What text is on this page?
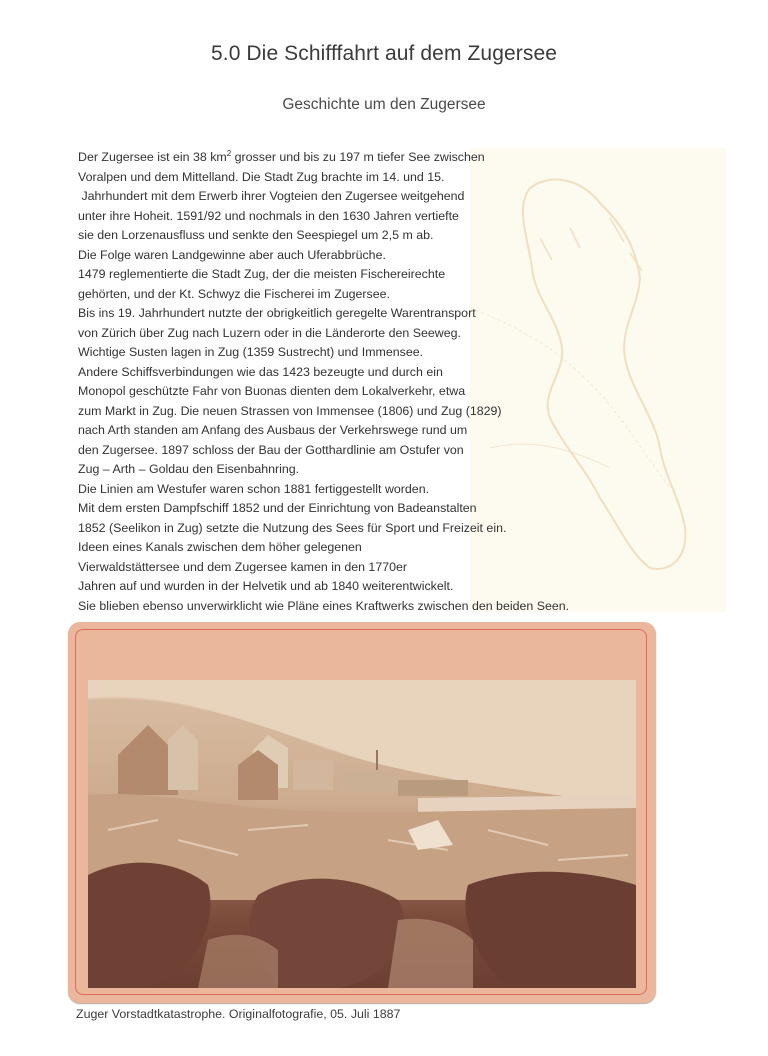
5.0 Die Schifffahrt auf dem Zugersee
Geschichte um den Zugersee
Der Zugersee ist ein 38 $km^2$ grosser und bis zu 197 m tiefer See zwischen
Voralpen und dem Mittelland. Die Stadt Zug brachte im 14. und 15.
Jahrhundert mit dem Erwerb ihrer Vogteien den Zugersee weitgehend
unter ihre Hoheit. 1591/92 und nochmals in den 1630 Jahren vertiefte
sie den Lorzenausfluss und senkte den Seespiegel um 2,5 m ab.
Die Folge waren Landgewinne aber auch Uferabbrüche.
1479 reglementierte die Stadt Zug, der die meisten Fischereirechte
gehörten, und der Kt. Schwyz die Fischerei im Zugersee.
Bis ins 19. Jahrhundert nutzte der obrigkeitlich geregelte Warentransport
von Zürich über Zug nach Luzern oder in die Länderorte den Seeweg.
Wichtige Susten lagen in Zug (1359 Sustrecht) und Immensee.
Andere Schiffsverbindungen wie das 1423 bezeugte und durch ein
Monopol geschützte Fahr von Buonas dienten dem Lokalverkehr, etwa
zum Markt in Zug. Die neuen Strassen von Immensee (1806) und Zug (1829)
nach Arth standen am Anfang des Ausbaus der Verkehrswege rund um
den Zugersee. 1897 schloss der Bau der Gotthardlinie am Ostufer von
Zug – Arth – Goldau den Eisenbahnring.
Die Linien am Westufer waren schon 1881 fertiggestellt worden.
Mit dem ersten Dampfschiff 1852 und der Einrichtung von Badeanstalten
1852 (Seelikon in Zug) setzte die Nutzung des Sees für Sport und Freizeit ein.
Ideen eines Kanals zwischen dem höher gelegenen
Vierwaldstättersee und dem Zugersee kamen in den 1770er
Jahren auf und wurden in der Helvetik und ab 1840 weiterentwickelt.
Sie blieben ebenso unverwirklicht wie Pläne eines Kraftwerks zwischen den beiden Seen.
Zuger Vorstadtkatastrophe. Originalfotografie, 05. Juli 1887
